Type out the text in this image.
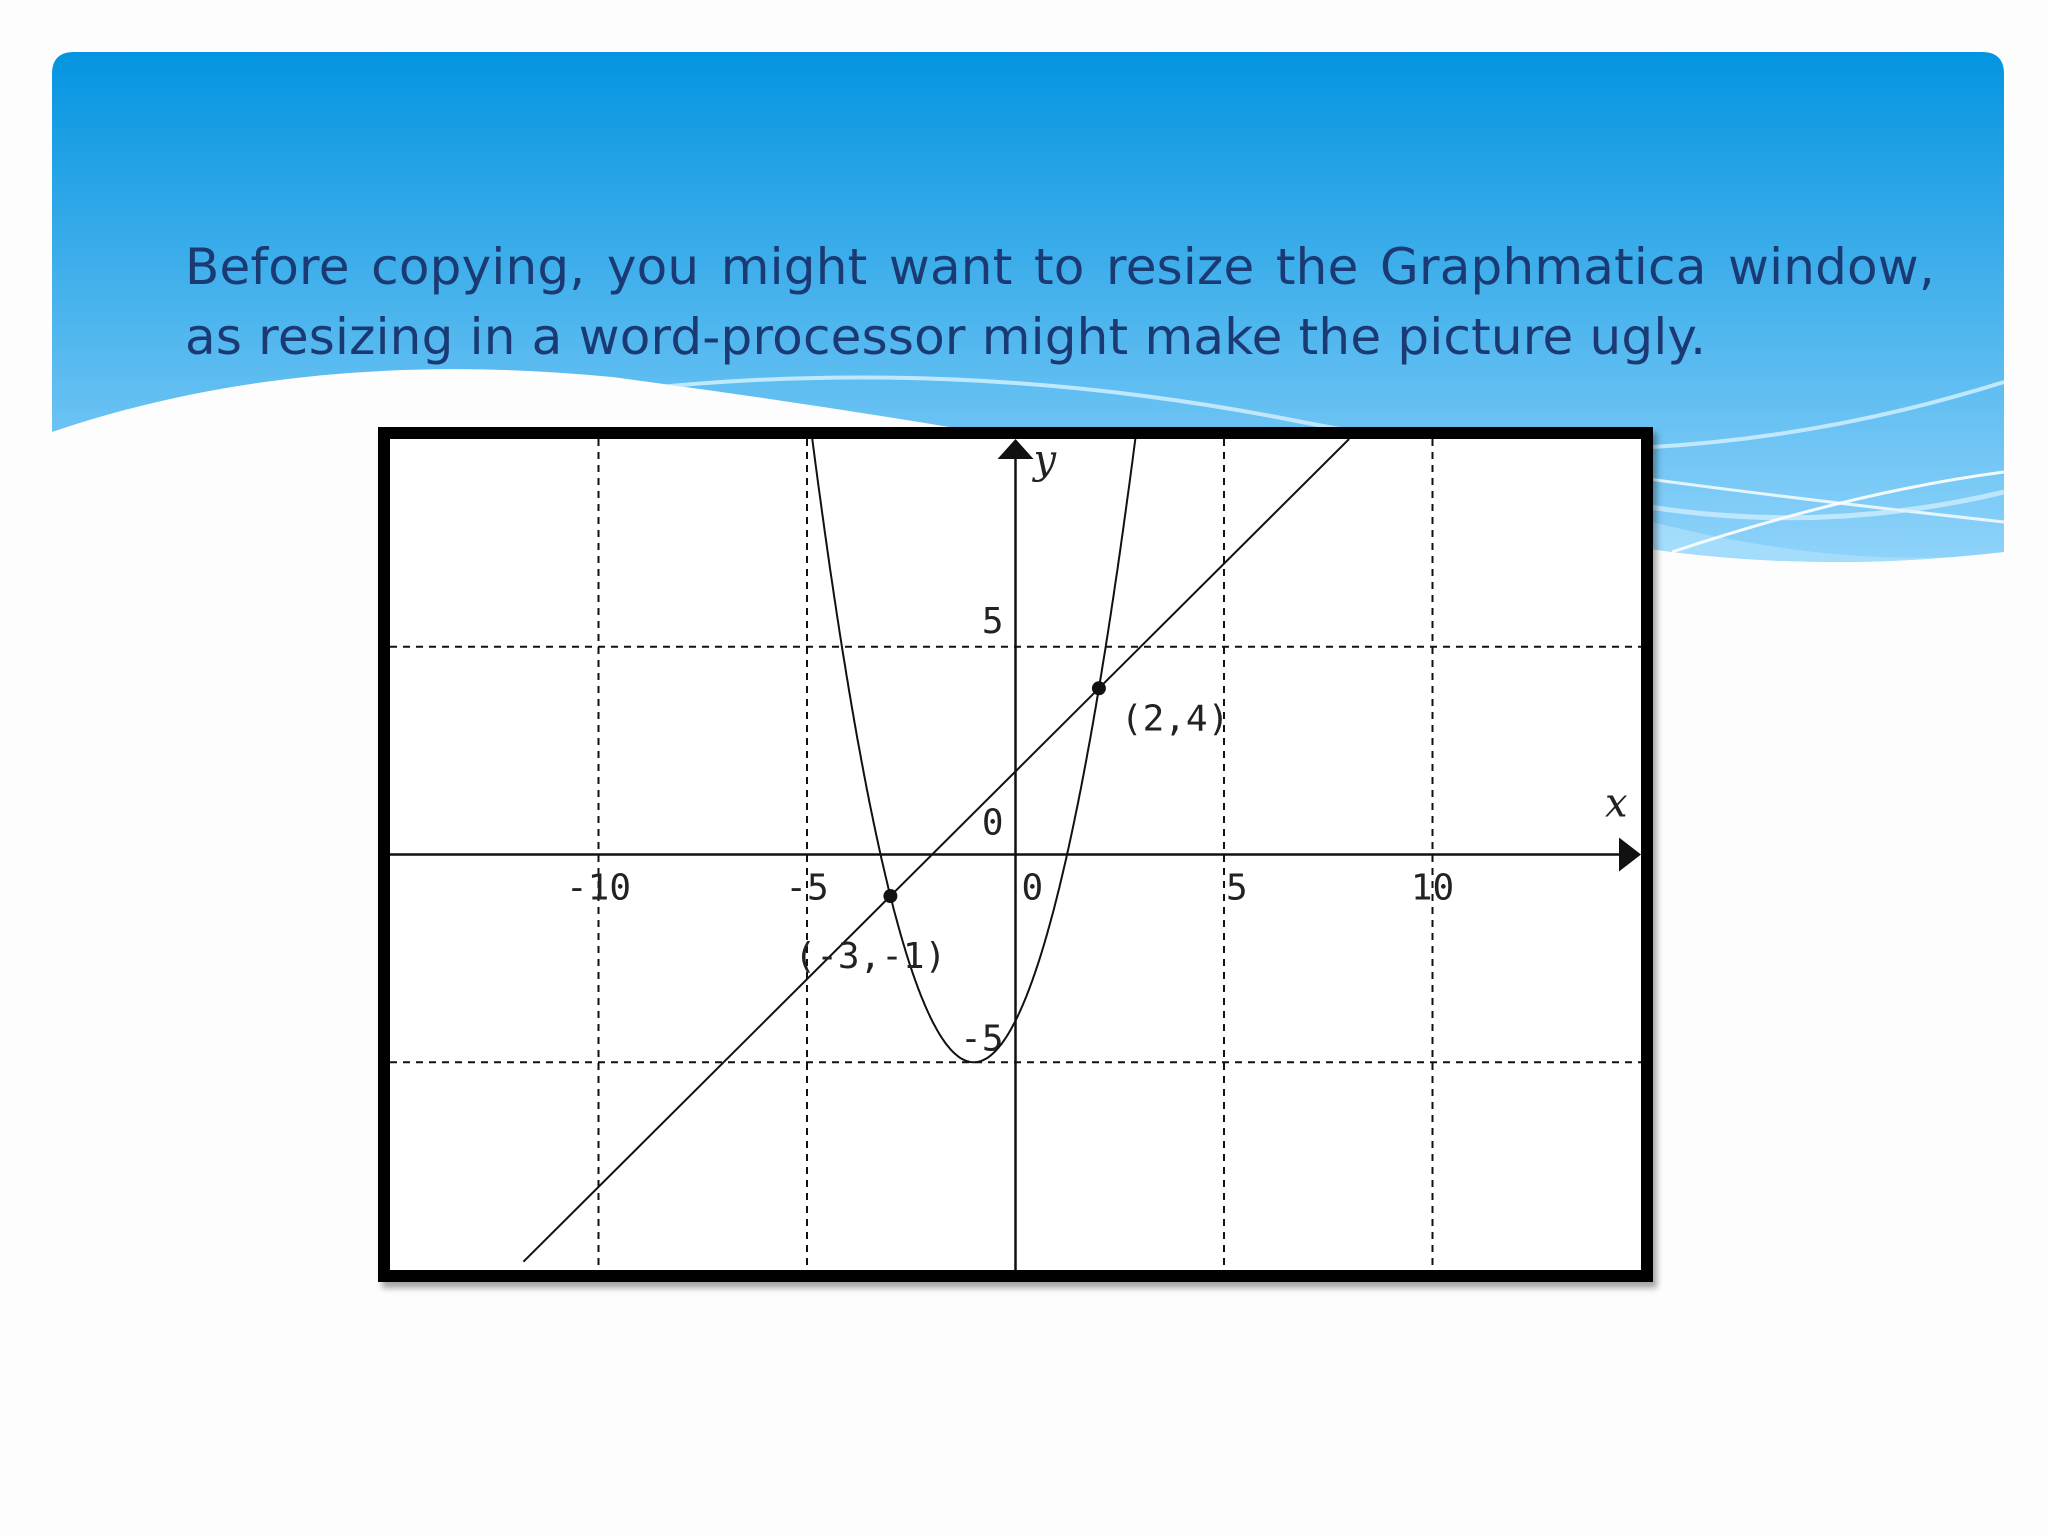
Before copying, you might want to resize the Graphmatica window, as resizing in a word-processor might make the picture ugly.
x
y
-10	-5	0	5	10
5
0
-5
(-3,-1)
(2,4)
